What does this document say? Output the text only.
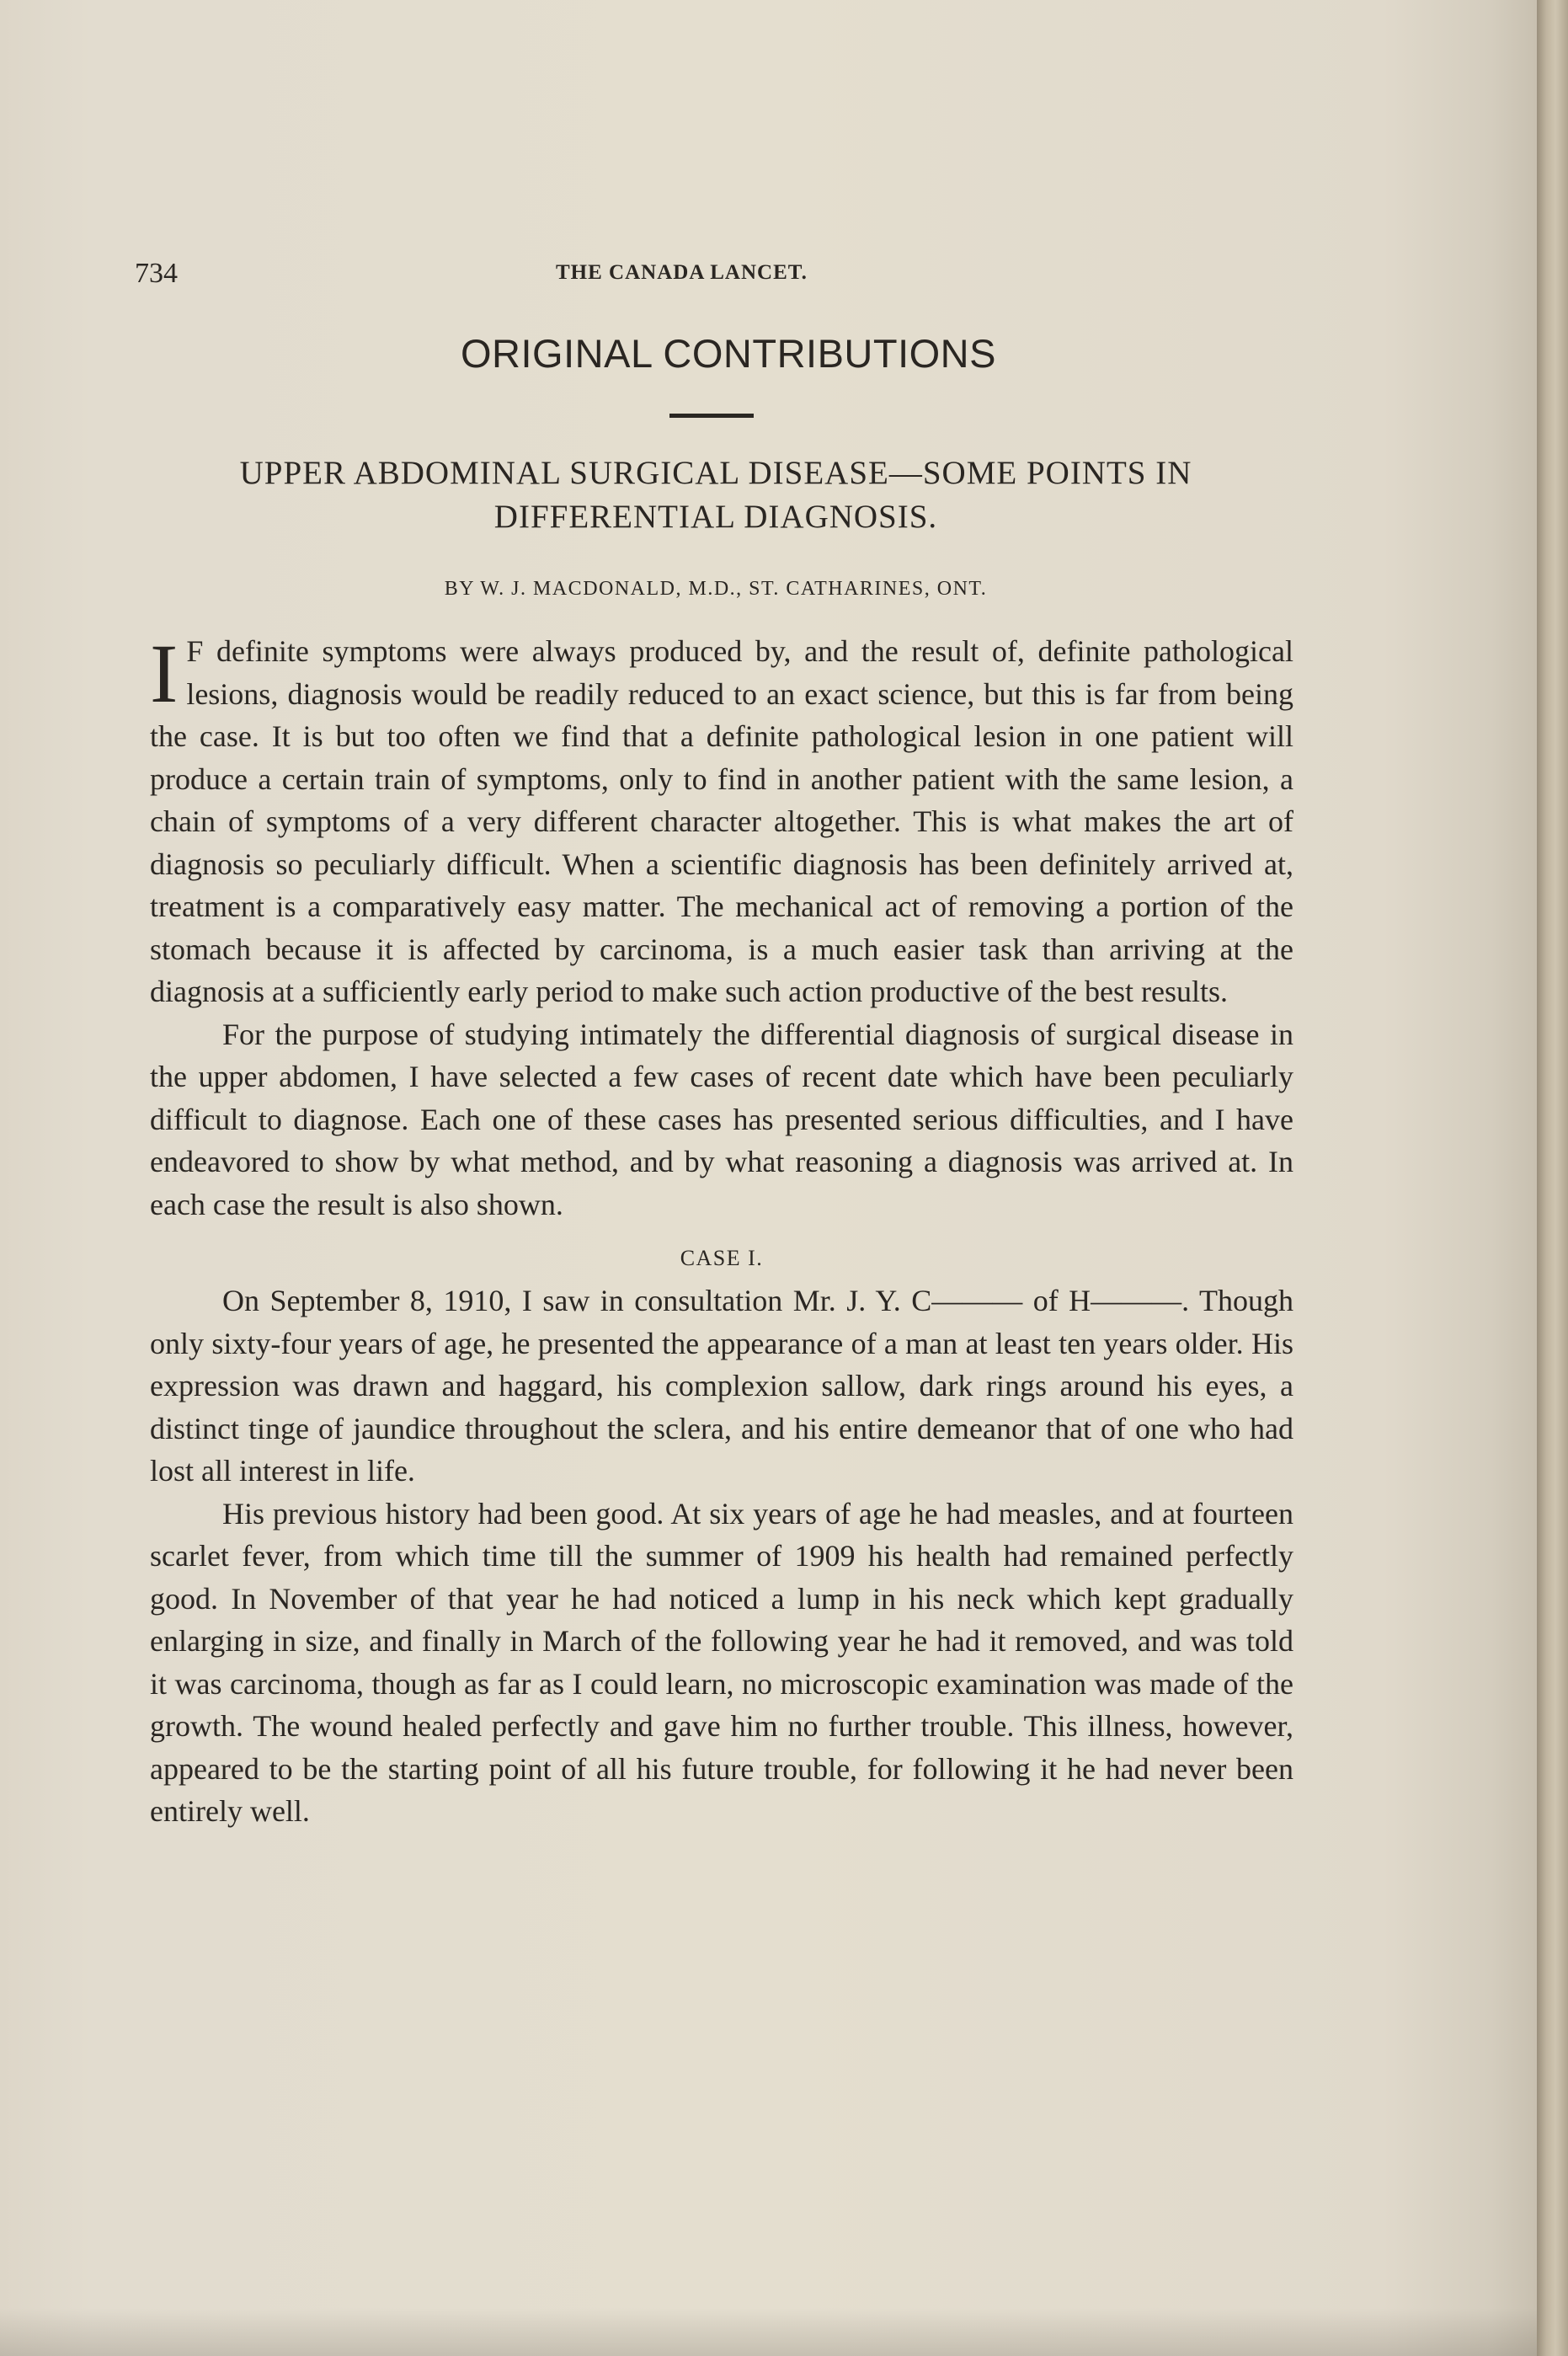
734	THE CANADA LANCET.
ORIGINAL CONTRIBUTIONS
UPPER ABDOMINAL SURGICAL DISEASE—SOME POINTS IN DIFFERENTIAL DIAGNOSIS.
BY W. J. MACDONALD, M.D., ST. CATHARINES, ONT.

I F definite symptoms were always produced by, and the result of, definite pathological lesions, diagnosis would be readily reduced to an exact science, but this is far from being the case. It is but too often we find that a definite pathological lesion in one patient will produce a certain train of symptoms, only to find in another patient with the same lesion, a chain of symptoms of a very different character altogether. This is what makes the art of diagnosis so peculiarly difficult. When a scientific diagnosis has been definitely arrived at, treatment is a comparatively easy matter. The mechanical act of removing a portion of the stomach because it is affected by carcinoma, is a much easier task than arriving at the diagnosis at a sufficiently early period to make such action productive of the best results.

For the purpose of studying intimately the differential diagnosis of surgical disease in the upper abdomen, I have selected a few cases of recent date which have been peculiarly difficult to diagnose. Each one of these cases has presented serious difficulties, and I have endeavored to show by what method, and by what reasoning a diagnosis was arrived at. In each case the result is also shown.

CASE I.

On September 8, 1910, I saw in consultation Mr. J. Y. C——— of H———. Though only sixty-four years of age, he presented the appearance of a man at least ten years older. His expression was drawn and haggard, his complexion sallow, dark rings around his eyes, a distinct tinge of jaundice throughout the sclera, and his entire demeanor that of one who had lost all interest in life.

His previous history had been good. At six years of age he had measles, and at fourteen scarlet fever, from which time till the summer of 1909 his health had remained perfectly good. In November of that year he had noticed a lump in his neck which kept gradually enlarging in size, and finally in March of the following year he had it removed, and was told it was carcinoma, though as far as I could learn, no microscopic examination was made of the growth. The wound healed perfectly and gave him no further trouble. This illness, however, appeared to be the starting point of all his future trouble, for following it he had never been entirely well.
